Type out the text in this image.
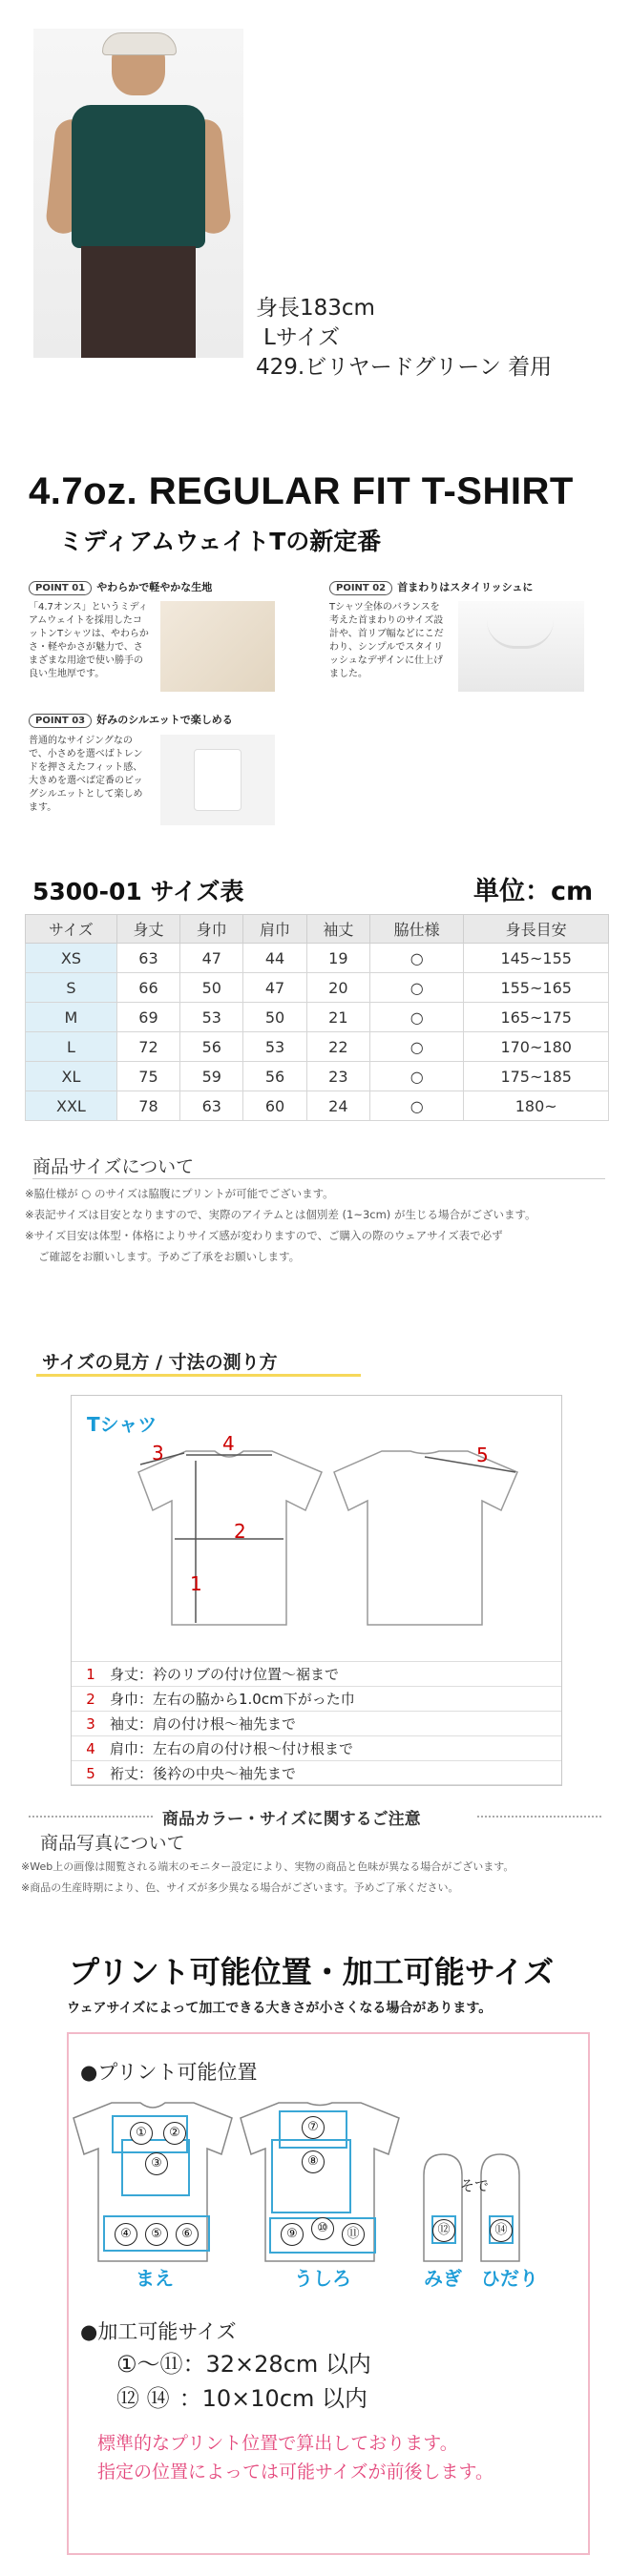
身長183cm
Lサイズ
429.ビリヤードグリーン 着用
4.7oz. REGULAR FIT T-SHIRT
ミディアムウェイトTの新定番
POINT 01 やわらかで軽やかな生地
「4.7オンス」というミディアムウェイトを採用したコットンTシャツは、やわらかさ・軽やかさが魅力で、さまざまな用途で使い勝手の良い生地厚です。
POINT 02 首まわりはスタイリッシュに
Tシャツ全体のバランスを考えた首まわりのサイズ設計や、首リブ幅などにこだわり、シンプルでスタイリッシュなデザインに仕上げました。
POINT 03 好みのシルエットで楽しめる
普通的なサイジングなので、小さめを選べばトレンドを押さえたフィット感、大きめを選べば定番のビッグシルエットとして楽しめます。
5300-01 サイズ表	単位：cm
サイズ	身丈	身巾	肩巾	袖丈	脇仕様	身長目安
XS	63	47	44	19	○	145~155
S	66	50	47	20	○	155~165
M	69	53	50	21	○	165~175
L	72	56	53	22	○	170~180
XL	75	59	56	23	○	175~185
XXL	78	63	60	24	○	180~
商品サイズについて
※脇仕様が ○ のサイズは脇腹にプリントが可能でございます。
※表記サイズは目安となりますので、実際のアイテムとは個別差 (1~3cm) が生じる場合がございます。
※サイズ目安は体型・体格によりサイズ感が変わりますので、ご購入の際のウェアサイズ表で必ず
ご確認をお願いします。予めご了承をお願いします。
サイズの見方 / 寸法の測り方
Tシャツ
1
2
3	4	5
1 身丈：衿のリブの付け位置～裾まで
2 身巾：左右の脇から1.0cm下がった巾
3 袖丈：肩の付け根～袖先まで
4 肩巾：左右の肩の付け根～付け根まで
5 裄丈：後衿の中央～袖先まで
商品カラー・サイズに関するご注意
商品写真について
※Web上の画像は閲覧される端末のモニター設定により、実物の商品と色味が異なる場合がございます。
※商品の生産時期により、色、サイズが多少異なる場合がございます。予めご了承ください。
プリント可能位置・加工可能サイズ
ウェアサイズによって加工できる大きさが小さくなる場合があります。
●プリント可能位置
①	②
③
④	⑤	⑥
⑦
⑧
⑨	⑩	⑪	⑫	⑭
そで
まえ	うしろ	みぎ ひだり
●加工可能サイズ
①～⑪：32×28cm 以内
⑫ ⑭ ：10×10cm 以内
標準的なプリント位置で算出しております。
指定の位置によっては可能サイズが前後します。
